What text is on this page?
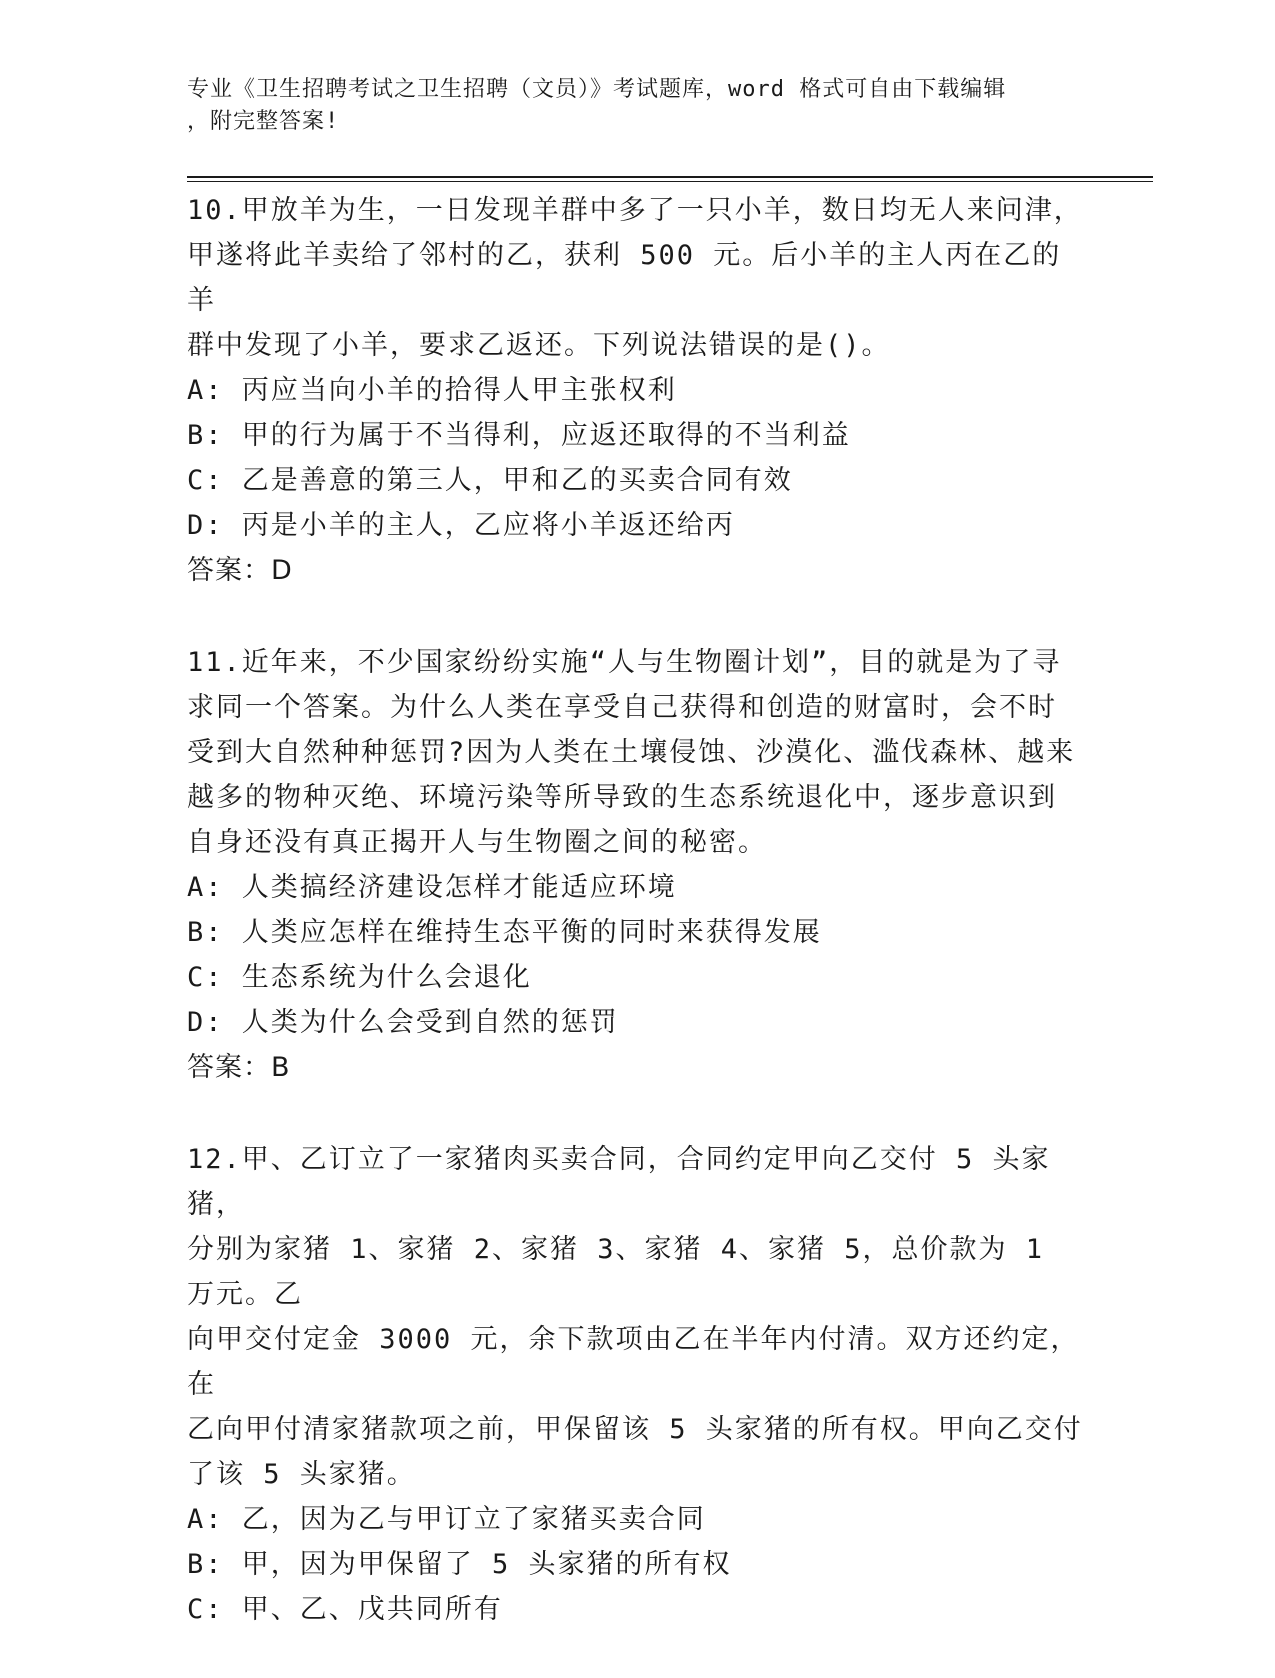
专业《卫生招聘考试之卫生招聘（文员）》考试题库，word 格式可自由下载编辑
，附完整答案!
10.甲放羊为生，一日发现羊群中多了一只小羊，数日均无人来问津，
甲遂将此羊卖给了邻村的乙，获利 500 元。后小羊的主人丙在乙的羊
群中发现了小羊，要求乙返还。下列说法错误的是()。
A: 丙应当向小羊的拾得人甲主张权利
B: 甲的行为属于不当得利，应返还取得的不当利益
C: 乙是善意的第三人，甲和乙的买卖合同有效
D: 丙是小羊的主人，乙应将小羊返还给丙
答案：D
11.近年来，不少国家纷纷实施“人与生物圈计划”，目的就是为了寻
求同一个答案。为什么人类在享受自己获得和创造的财富时，会不时
受到大自然种种惩罚?因为人类在土壤侵蚀、沙漠化、滥伐森林、越来
越多的物种灭绝、环境污染等所导致的生态系统退化中，逐步意识到
自身还没有真正揭开人与生物圈之间的秘密。
A: 人类搞经济建设怎样才能适应环境
B: 人类应怎样在维持生态平衡的同时来获得发展
C: 生态系统为什么会退化
D: 人类为什么会受到自然的惩罚
答案：B
12.甲、乙订立了一家猪肉买卖合同，合同约定甲向乙交付 5 头家猪，
分别为家猪 1、家猪 2、家猪 3、家猪 4、家猪 5，总价款为 1 万元。乙
向甲交付定金 3000 元，余下款项由乙在半年内付清。双方还约定，在
乙向甲付清家猪款项之前，甲保留该 5 头家猪的所有权。甲向乙交付
了该 5 头家猪。
A: 乙，因为乙与甲订立了家猪买卖合同
B: 甲，因为甲保留了 5 头家猪的所有权
C: 甲、乙、戊共同所有
